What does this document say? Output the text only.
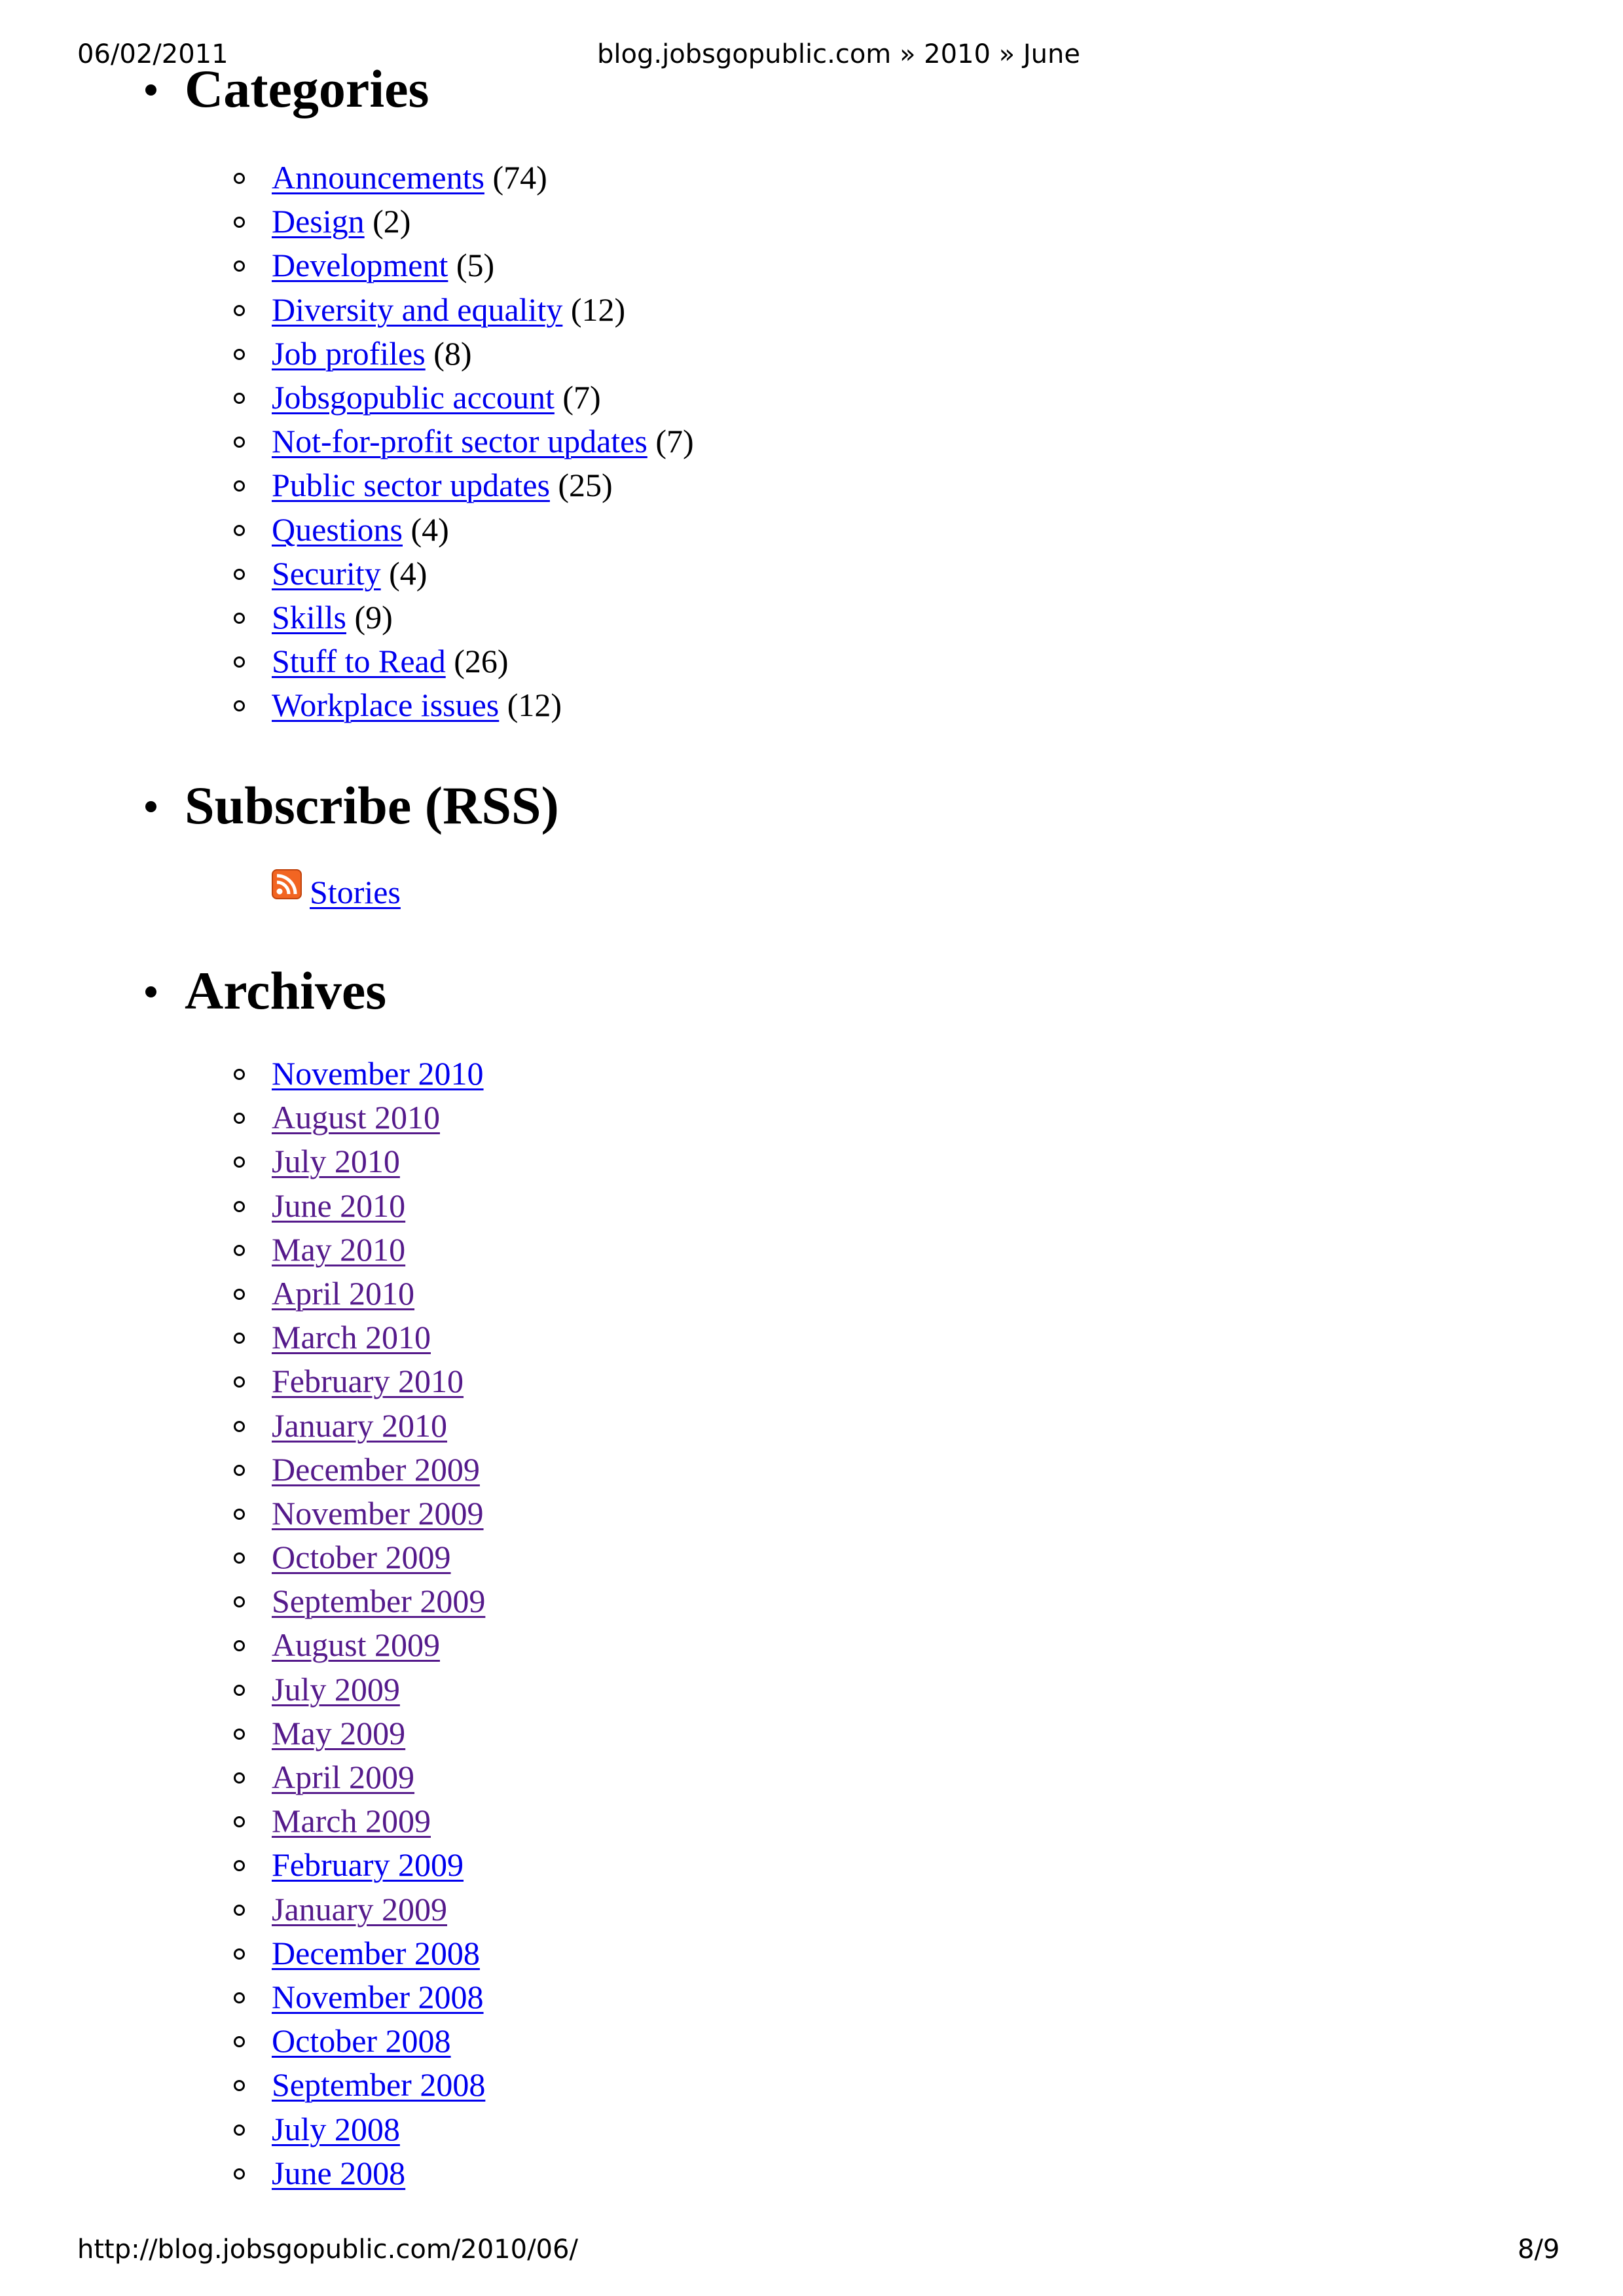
06/02/2011	blog.jobsgopublic.com » 2010 » June
Categories
Announcements (74)
Design (2)
Development (5)
Diversity and equality (12)
Job profiles (8)
Jobsgopublic account (7)
Not-for-profit sector updates (7)
Public sector updates (25)
Questions (4)
Security (4)
Skills (9)
Stuff to Read (26)
Workplace issues (12)
Subscribe (RSS)
Stories
Archives
November 2010
August 2010
July 2010
June 2010
May 2010
April 2010
March 2010
February 2010
January 2010
December 2009
November 2009
October 2009
September 2009
August 2009
July 2009
May 2009
April 2009
March 2009
February 2009
January 2009
December 2008
November 2008
October 2008
September 2008
July 2008
June 2008
http://blog.jobsgopublic.com/2010/06/	8/9
